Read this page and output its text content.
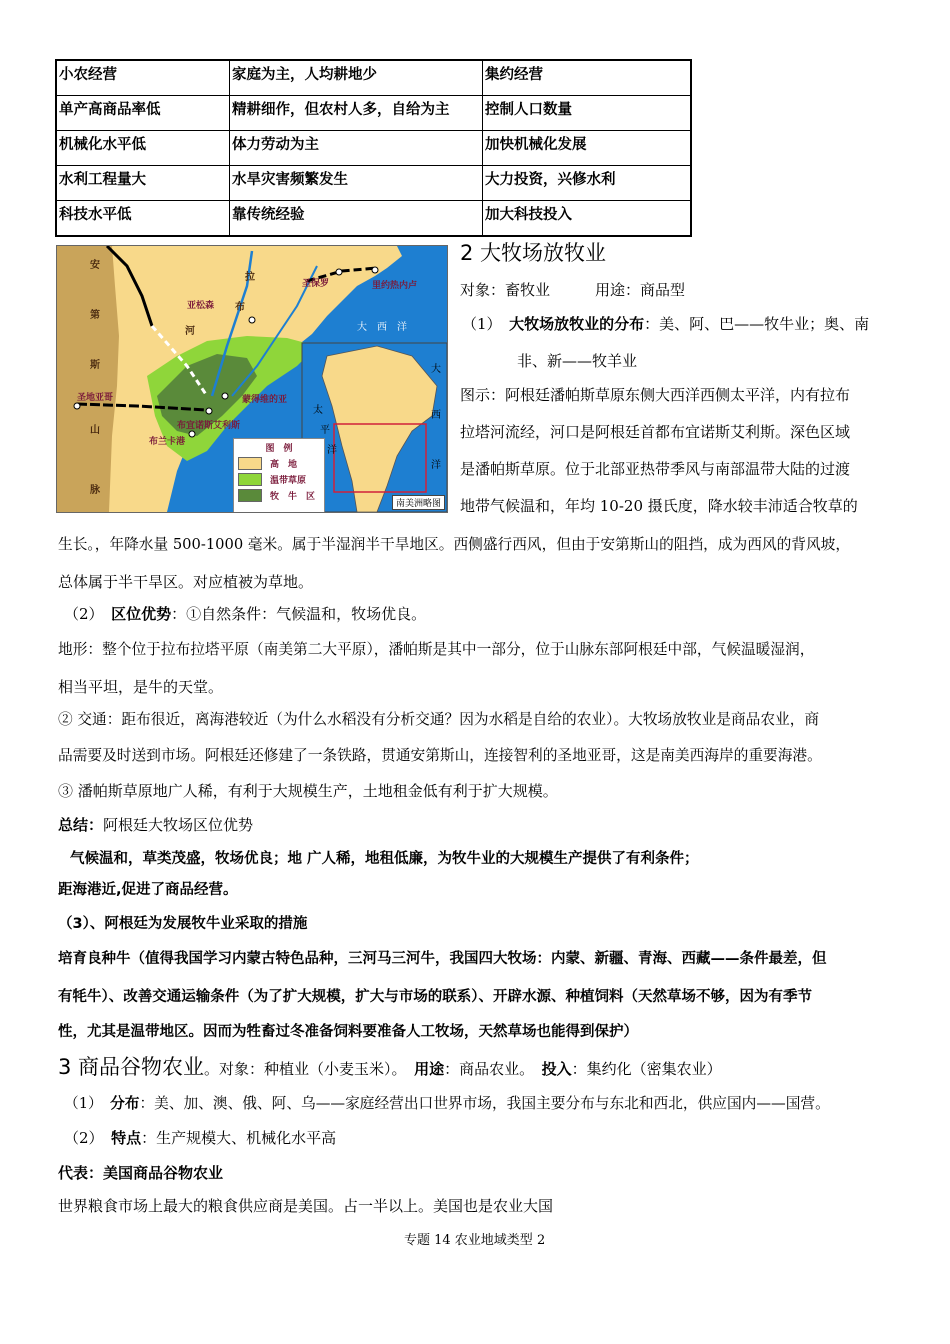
小农经营	家庭为主，人均耕地少	集约经营
单产高商品率低	精耕细作，但农村人多，自给为主	控制人口数量
机械化水平低	体力劳动为主	加快机械化发展
水利工程量大	水旱灾害频繁发生	大力投资，兴修水利
科技水平低	靠传统经验	加大科技投入
安
第
斯
山
脉
拉
布
河
圣保罗	里约热内卢
亚松森
大　西　洋
蒙得维的亚
布宜诺斯艾利斯
圣地亚哥
布兰卡港
太
平
洋
大
西
洋
图　例
高　地
温带草原
牧　牛　区
南美洲略图
2 大牧场放牧业
对象：畜牧业　　　用途：商品型
（1）　 大牧场放牧业的分布：美、阿、巴——牧牛业；奥、南
非、新——牧羊业
图示：阿根廷潘帕斯草原东侧大西洋西侧太平洋，内有拉布
拉塔河流经，河口是阿根廷首都布宜诺斯艾利斯。深色区域
是潘帕斯草原。位于北部亚热带季风与南部温带大陆的过渡
地带气候温和，年均 10-20 摄氏度，降水较丰沛适合牧草的
生长。，年降水量 500-1000 毫米。属于半湿润半干旱地区。西侧盛行西风，但由于安第斯山的阻挡，成为西风的背风坡，
总体属于半干旱区。对应植被为草地。
（2）　 区位优势：①自然条件：气候温和，牧场优良。
地形：整个位于拉布拉塔平原（南美第二大平原），潘帕斯是其中一部分，位于山脉东部阿根廷中部，气候温暖湿润，
相当平坦，是牛的天堂。
② 交通：距布很近，离海港较近（为什么水稻没有分析交通？因为水稻是自给的农业）。大牧场放牧业是商品农业，商
品需要及时送到市场。阿根廷还修建了一条铁路，贯通安第斯山，连接智利的圣地亚哥，这是南美西海岸的重要海港。
③ 潘帕斯草原地广人稀，有利于大规模生产，土地租金低有利于扩大规模。
总结：阿根廷大牧场区位优势
气候温和，草类茂盛，牧场优良；地 广人稀，地租低廉，为牧牛业的大规模生产提供了有利条件；
距海港近,促进了商品经营。
（3）、阿根廷为发展牧牛业采取的措施
培育良种牛（值得我国学习内蒙古特色品种，三河马三河牛，我国四大牧场：内蒙、新疆、青海、西藏——条件最差，但
有牦牛）、改善交通运输条件（为了扩大规模，扩大与市场的联系）、开辟水源、种植饲料（天然草场不够，因为有季节
性，尤其是温带地区。因而为牲畜过冬准备饲料要准备人工牧场，天然草场也能得到保护）
3 商品谷物农业。对象：种植业（小麦玉米）。　用途：商品农业。　投入：集约化（密集农业）
（1）　 分布：美、加、澳、俄、阿、乌——家庭经营出口世界市场，我国主要分布与东北和西北，供应国内——国营。
（2）　 特点：生产规模大、机械化水平高
代表：美国商品谷物农业
世界粮食市场上最大的粮食供应商是美国。占一半以上。美国也是农业大国
专题 14 农业地域类型 2
